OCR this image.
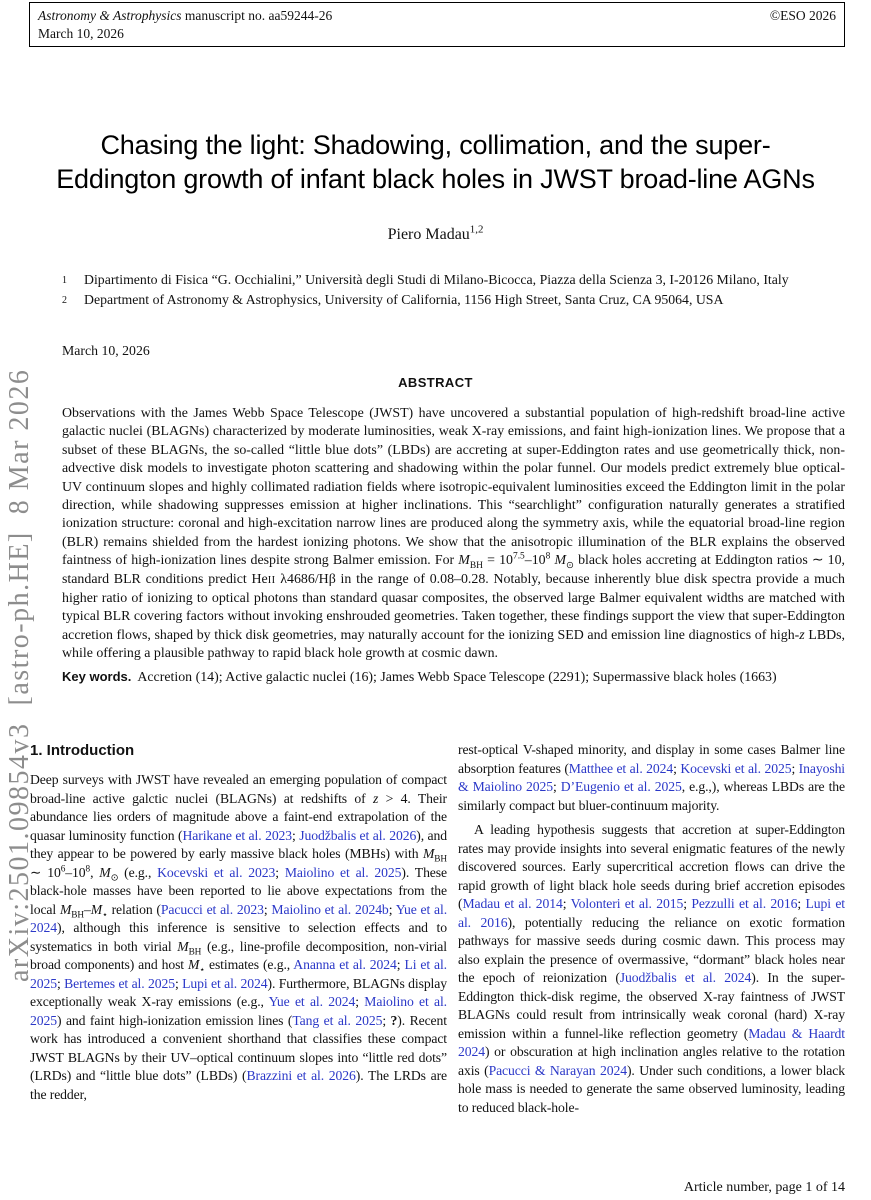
Astronomy & Astrophysics manuscript no. aa59244-26
March 10, 2026
©ESO 2026
arXiv:2501.09854v3  [astro-ph.HE]  8 Mar 2026
Chasing the light: Shadowing, collimation, and the super-Eddington growth of infant black holes in JWST broad-line AGNs
Piero Madau$^{1,2}$
1	Dipartimento di Fisica “G. Occhialini,” Università degli Studi di Milano-Bicocca, Piazza della Scienza 3, I-20126 Milano, Italy
2	Department of Astronomy & Astrophysics, University of California, 1156 High Street, Santa Cruz, CA 95064, USA
March 10, 2026
ABSTRACT
Observations with the James Webb Space Telescope (JWST) have uncovered a substantial population of high-redshift broad-line active galactic nuclei (BLAGNs) characterized by moderate luminosities, weak X-ray emissions, and faint high-ionization lines. We propose that a subset of these BLAGNs, the so-called “little blue dots” (LBDs) are accreting at super-Eddington rates and use geometrically thick, non-advective disk models to investigate photon scattering and shadowing within the polar funnel. Our models predict extremely blue optical-UV continuum slopes and highly collimated radiation fields where isotropic-equivalent luminosities exceed the Eddington limit in the polar direction, while shadowing suppresses emission at higher inclinations. This “searchlight” configuration naturally generates a stratified ionization structure: coronal and high-excitation narrow lines are produced along the symmetry axis, while the equatorial broad-line region (BLR) remains shielded from the hardest ionizing photons. We show that the anisotropic illumination of the BLR explains the observed faintness of high-ionization lines despite strong Balmer emission. For $M_{BH} = 10^{7.5}-10^8$ $M_⊙$ black holes accreting at Eddington ratios ∼ 10, standard BLR conditions predict HeII λ4686/Hβ in the range of 0.08–0.28. Notably, because inherently blue disk spectra provide a much higher ratio of ionizing to optical photons than standard quasar composites, the observed large Balmer equivalent widths are matched with typical BLR covering factors without invoking enshrouded geometries. Taken together, these findings support the view that super-Eddington accretion flows, shaped by thick disk geometries, may naturally account for the ionizing SED and emission line diagnostics of high-z LBDs, while offering a plausible pathway to rapid black hole growth at cosmic dawn.
Key words. Accretion (14); Active galactic nuclei (16); James Webb Space Telescope (2291); Supermassive black holes (1663)
1. Introduction

Deep surveys with JWST have revealed an emerging population of compact broad-line active galctic nuclei (BLAGNs) at redshifts of z > 4. Their abundance lies orders of magnitude above a faint-end extrapolation of the quasar luminosity function (Harikane et al. 2023; Juodžbalis et al. 2026), and they appear to be powered by early massive black holes (MBHs) with $M_{BH}$ ∼ $10^6-10^8$, $M_⊙$ (e.g., Kocevski et al. 2023; Maiolino et al. 2025). These black-hole masses have been reported to lie above expectations from the local $M_{BH}-M_⋆$ relation (Pacucci et al. 2023; Maiolino et al. 2024b; Yue et al. 2024), although this inference is sensitive to selection effects and to systematics in both virial $M_{BH}$ (e.g., line-profile decomposition, non-virial broad components) and host $M_⋆$ estimates (e.g., Ananna et al. 2024; Li et al. 2025; Bertemes et al. 2025; Lupi et al. 2024). Furthermore, BLAGNs display exceptionally weak X-ray emissions (e.g., Yue et al. 2024; Maiolino et al. 2025) and faint high-ionization emission lines (Tang et al. 2025; ?). Recent work has introduced a convenient shorthand that classifies these compact JWST BLAGNs by their UV–optical continuum slopes into “little red dots” (LRDs) and “little blue dots” (LBDs) (Brazzini et al. 2026). The LRDs are the redder,

rest-optical V-shaped minority, and display in some cases Balmer line absorption features (Matthee et al. 2024; Kocevski et al. 2025; Inayoshi & Maiolino 2025; D’Eugenio et al. 2025, e.g.,), whereas LBDs are the similarly compact but bluer-continuum majority.

A leading hypothesis suggests that accretion at super-Eddington rates may provide insights into several enigmatic features of the newly discovered sources. Early supercritical accretion flows can drive the rapid growth of light black hole seeds during brief accretion episodes (Madau et al. 2014; Volonteri et al. 2015; Pezzulli et al. 2016; Lupi et al. 2016), potentially reducing the reliance on exotic formation pathways for massive seeds during cosmic dawn. This process may also explain the presence of overmassive, “dormant” black holes near the epoch of reionization (Juodžbalis et al. 2024). In the super-Eddington thick-disk regime, the observed X-ray faintness of JWST BLAGNs could result from intrinsically weak coronal (hard) X-ray emission within a funnel-like reflection geometry (Madau & Haardt 2024) or obscuration at high inclination angles relative to the rotation axis (Pacucci & Narayan 2024). Under such conditions, a lower black hole mass is needed to generate the same observed luminosity, leading to reduced black-hole-

Article number, page 1 of 14
